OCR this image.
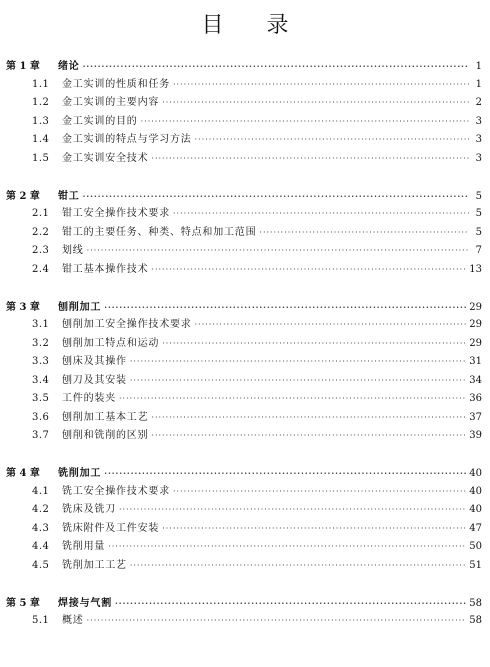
目 录
第 1 章	绪论 ·····	1
1.1	金工实训的性质和任务 ·····	1
1.2	金工实训的主要内容 ·····	2
1.3	金工实训的目的 ·····	3
1.4	金工实训的特点与学习方法 ·····	3
1.5	金工实训安全技术 ·····	3
第 2 章	钳工 ·····	5
2.1	钳工安全操作技术要求 ·····	5
2.2	钳工的主要任务、种类、特点和加工范围 ·····	5
2.3	划线 ·····	7
2.4	钳工基本操作技术 ·····	13
第 3 章	刨削加工 ·····	29
3.1	刨削加工安全操作技术要求 ·····	29
3.2	刨削加工特点和运动 ·····	29
3.3	刨床及其操作 ·····	31
3.4	刨刀及其安装 ·····	34
3.5	工件的装夹 ·····	36
3.6	刨削加工基本工艺 ·····	37
3.7	刨削和铣削的区别 ·····	39
第 4 章	铣削加工 ·····	40
4.1	铣工安全操作技术要求 ·····	40
4.2	铣床及铣刀 ·····	40
4.3	铣床附件及工件安装 ·····	47
4.4	铣削用量 ·····	50
4.5	铣削加工工艺 ·····	51
第 5 章	焊接与气割 ·····	58
5.1	概述 ·····	58
